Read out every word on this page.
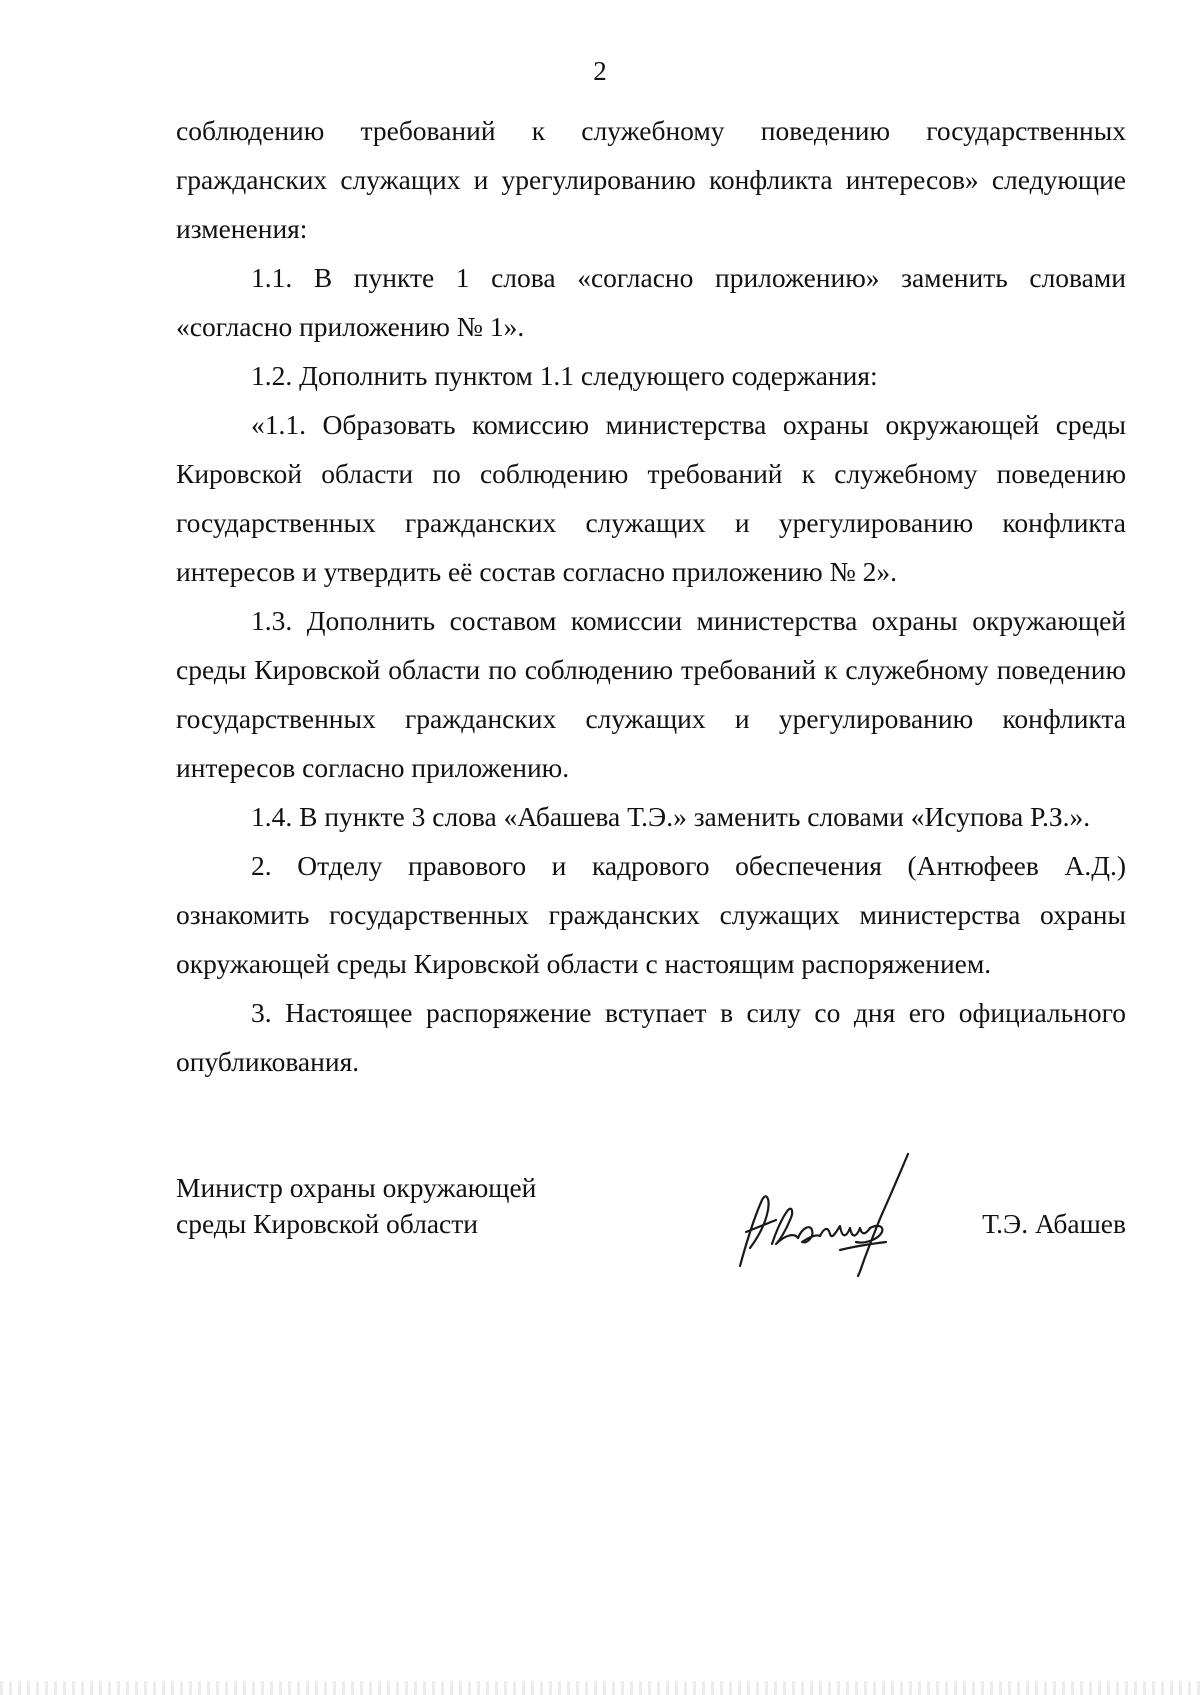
2

соблюдению требований к служебному поведению государственных гражданских служащих и урегулированию конфликта интересов» следующие изменения:

1.1. В пункте 1 слова «согласно приложению» заменить словами «согласно приложению № 1».

1.2. Дополнить пунктом 1.1 следующего содержания:

«1.1. Образовать комиссию министерства охраны окружающей среды Кировской области по соблюдению требований к служебному поведению государственных гражданских служащих и урегулированию конфликта интересов и утвердить её состав согласно приложению № 2».

1.3. Дополнить составом комиссии министерства охраны окружающей среды Кировской области по соблюдению требований к служебному поведению государственных гражданских служащих и урегулированию конфликта интересов согласно приложению.

1.4. В пункте 3 слова «Абашева Т.Э.» заменить словами «Исупова Р.З.».

2. Отделу правового и кадрового обеспечения (Антюфеев А.Д.) ознакомить государственных гражданских служащих министерства охраны окружающей среды Кировской области с настоящим распоряжением.

3. Настоящее распоряжение вступает в силу со дня его официального опубликования.

Министр охраны окружающей
среды Кировской области	Т.Э. Абашев
